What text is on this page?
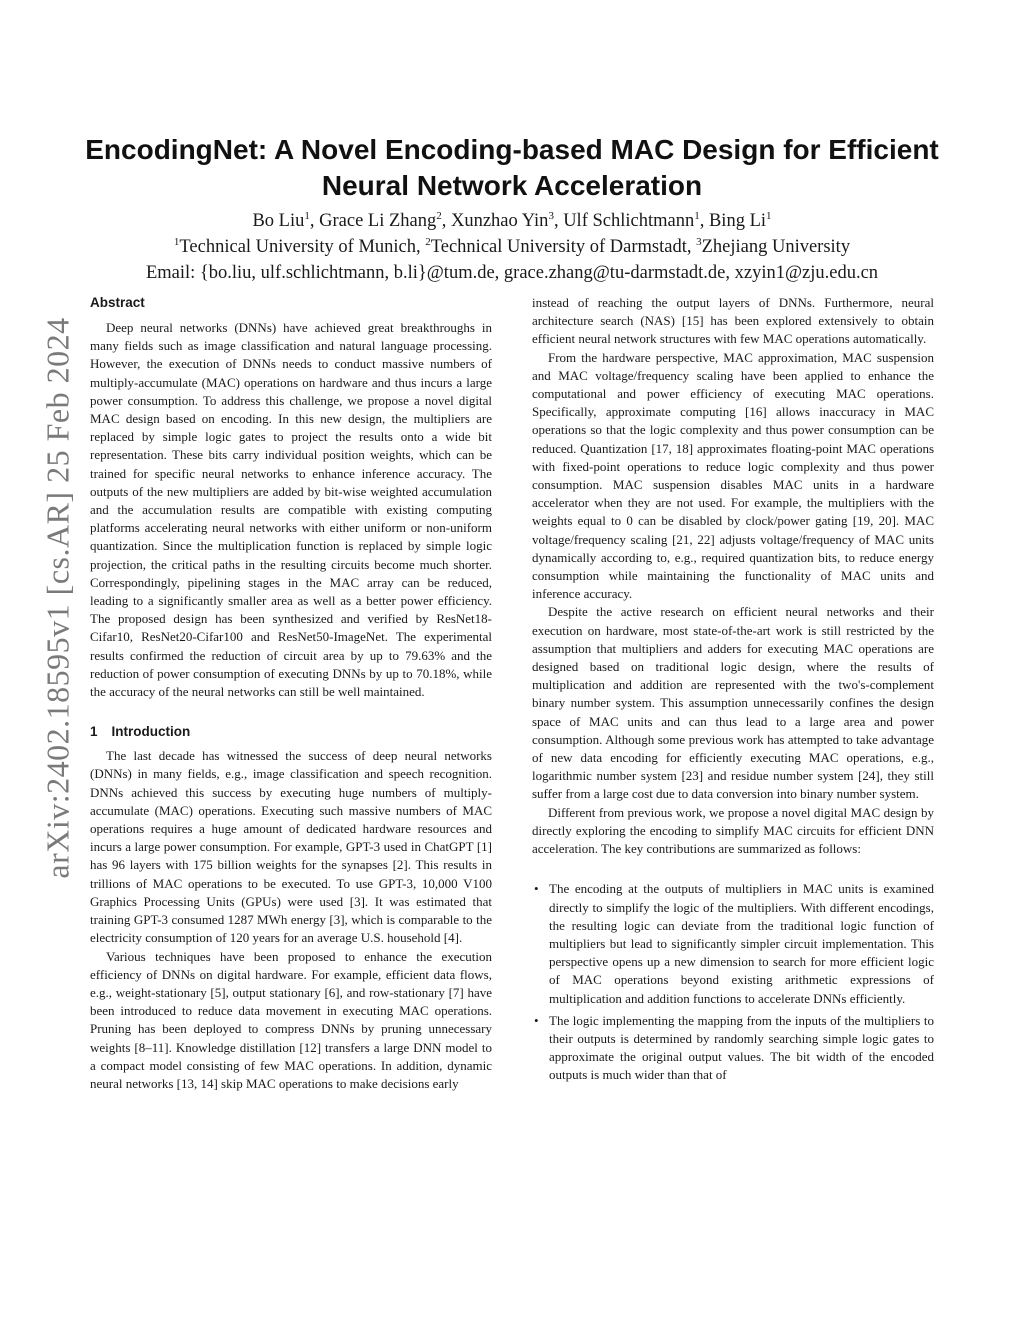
arXiv:2402.18595v1 [cs.AR] 25 Feb 2024
EncodingNet: A Novel Encoding-based MAC Design for Efficient
Neural Network Acceleration
Bo Liu$^1$, Grace Li Zhang$^2$, Xunzhao Yin$^3$, Ulf Schlichtmann$^1$, Bing Li$^1$
$^1$Technical University of Munich, $^2$Technical University of Darmstadt, $^3$Zhejiang University
Email: {bo.liu, ulf.schlichtmann, b.li}@tum.de, grace.zhang@tu-darmstadt.de, xzyin1@zju.edu.cn
Abstract

Deep neural networks (DNNs) have achieved great breakthroughs in many fields such as image classification and natural language processing. However, the execution of DNNs needs to conduct massive numbers of multiply-accumulate (MAC) operations on hardware and thus incurs a large power consumption. To address this challenge, we propose a novel digital MAC design based on encoding. In this new design, the multipliers are replaced by simple logic gates to project the results onto a wide bit representation. These bits carry individual position weights, which can be trained for specific neural networks to enhance inference accuracy. The outputs of the new multipliers are added by bit-wise weighted accumulation and the accumulation results are compatible with existing computing platforms accelerating neural networks with either uniform or non-uniform quantization. Since the multiplication function is replaced by simple logic projection, the critical paths in the resulting circuits become much shorter. Correspondingly, pipelining stages in the MAC array can be reduced, leading to a significantly smaller area as well as a better power efficiency. The proposed design has been synthesized and verified by ResNet18-Cifar10, ResNet20-Cifar100 and ResNet50-ImageNet. The experimental results confirmed the reduction of circuit area by up to 79.63% and the reduction of power consumption of executing DNNs by up to 70.18%, while the accuracy of the neural networks can still be well maintained.

1 Introduction

The last decade has witnessed the success of deep neural networks (DNNs) in many fields, e.g., image classification and speech recognition. DNNs achieved this success by executing huge numbers of multiply-accumulate (MAC) operations. Executing such massive numbers of MAC operations requires a huge amount of dedicated hardware resources and incurs a large power consumption. For example, GPT-3 used in ChatGPT [1] has 96 layers with 175 billion weights for the synapses [2]. This results in trillions of MAC operations to be executed. To use GPT-3, 10,000 V100 Graphics Processing Units (GPUs) were used [3]. It was estimated that training GPT-3 consumed 1287 MWh energy [3], which is comparable to the electricity consumption of 120 years for an average U.S. household [4].

Various techniques have been proposed to enhance the execution efficiency of DNNs on digital hardware. For example, efficient data flows, e.g., weight-stationary [5], output stationary [6], and row-stationary [7] have been introduced to reduce data movement in executing MAC operations. Pruning has been deployed to compress DNNs by pruning unnecessary weights [8–11]. Knowledge distillation [12] transfers a large DNN model to a compact model consisting of few MAC operations. In addition, dynamic neural networks [13, 14] skip MAC operations to make decisions early

instead of reaching the output layers of DNNs. Furthermore, neural architecture search (NAS) [15] has been explored extensively to obtain efficient neural network structures with few MAC operations automatically.

From the hardware perspective, MAC approximation, MAC suspension and MAC voltage/frequency scaling have been applied to enhance the computational and power efficiency of executing MAC operations. Specifically, approximate computing [16] allows inaccuracy in MAC operations so that the logic complexity and thus power consumption can be reduced. Quantization [17, 18] approximates floating-point MAC operations with fixed-point operations to reduce logic complexity and thus power consumption. MAC suspension disables MAC units in a hardware accelerator when they are not used. For example, the multipliers with the weights equal to 0 can be disabled by clock/power gating [19, 20]. MAC voltage/frequency scaling [21, 22] adjusts voltage/frequency of MAC units dynamically according to, e.g., required quantization bits, to reduce energy consumption while maintaining the functionality of MAC units and inference accuracy.

Despite the active research on efficient neural networks and their execution on hardware, most state-of-the-art work is still restricted by the assumption that multipliers and adders for executing MAC operations are designed based on traditional logic design, where the results of multiplication and addition are represented with the two's-complement binary number system. This assumption unnecessarily confines the design space of MAC units and can thus lead to a large area and power consumption. Although some previous work has attempted to take advantage of new data encoding for efficiently executing MAC operations, e.g., logarithmic number system [23] and residue number system [24], they still suffer from a large cost due to data conversion into binary number system.

Different from previous work, we propose a novel digital MAC design by directly exploring the encoding to simplify MAC circuits for efficient DNN acceleration. The key contributions are summarized as follows:

• The encoding at the outputs of multipliers in MAC units is examined directly to simplify the logic of the multipliers. With different encodings, the resulting logic can deviate from the traditional logic function of multipliers but lead to significantly simpler circuit implementation. This perspective opens up a new dimension to search for more efficient logic of MAC operations beyond existing arithmetic expressions of multiplication and addition functions to accelerate DNNs efficiently.
• The logic implementing the mapping from the inputs of the multipliers to their outputs is determined by randomly searching simple logic gates to approximate the original output values. The bit width of the encoded outputs is much wider than that of
